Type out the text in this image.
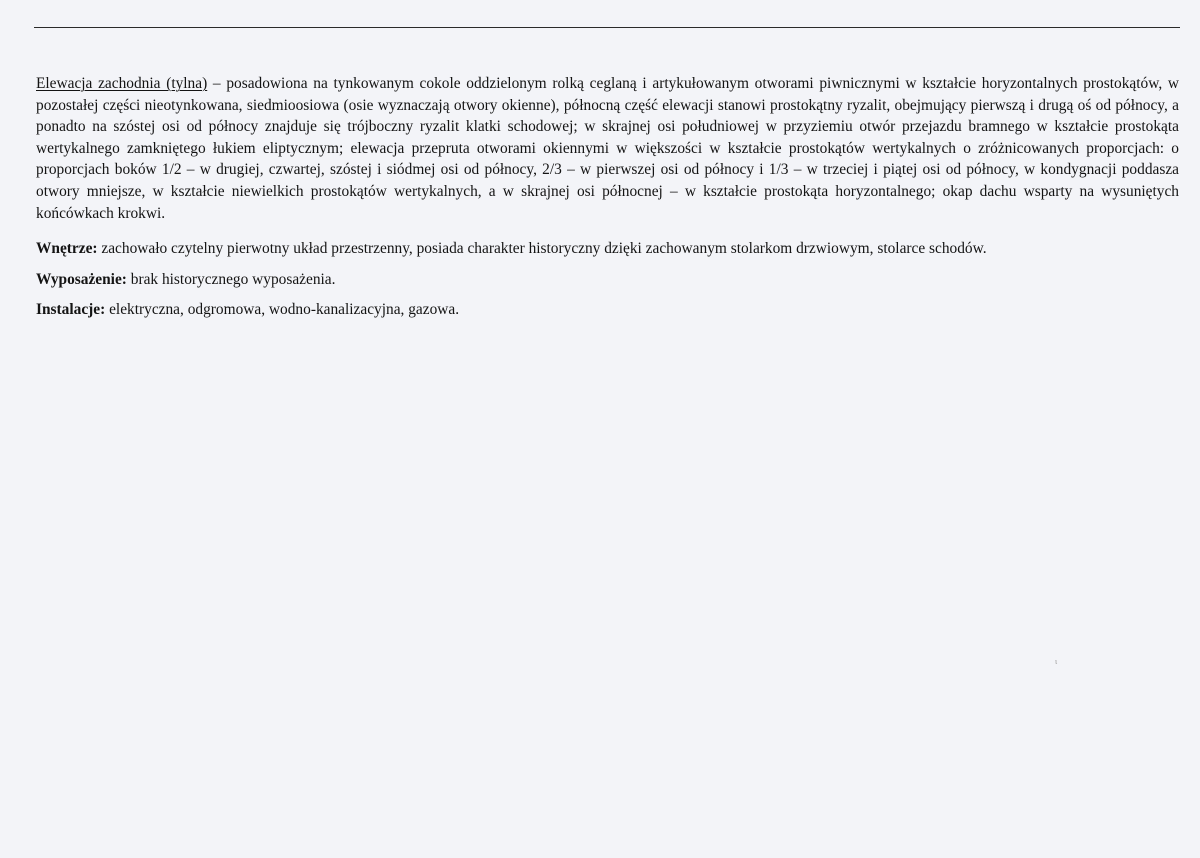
Elewacja zachodnia (tylna) – posadowiona na tynkowanym cokole oddzielonym rolką ceglaną i artykułowanym otworami piwnicznymi w kształcie horyzontalnych prostokątów, w pozostałej części nieotynkowana, siedmioosiowa (osie wyznaczają otwory okienne), północną część elewacji stanowi prostokątny ryzalit, obejmujący pierwszą i drugą oś od północy, a ponadto na szóstej osi od północy znajduje się trójboczny ryzalit klatki schodowej; w skrajnej osi południowej w przyziemiu otwór przejazdu bramnego w kształcie prostokąta wertykalnego zamkniętego łukiem eliptycznym; elewacja przepruta otworami okiennymi w większości w kształcie prostokątów wertykalnych o zróżnicowanych proporcjach: o proporcjach boków 1/2 – w drugiej, czwartej, szóstej i siódmej osi od północy, 2/3 – w pierwszej osi od północy i 1/3 – w trzeciej i piątej osi od północy, w kondygnacji poddasza otwory mniejsze, w kształcie niewielkich prostokątów wertykalnych, a w skrajnej osi północnej – w kształcie prostokąta horyzontalnego; okap dachu wsparty na wysuniętych końcówkach krokwi.

Wnętrze: zachowało czytelny pierwotny układ przestrzenny, posiada charakter historyczny dzięki zachowanym stolarkom drzwiowym, stolarce schodów.

Wyposażenie: brak historycznego wyposażenia.

Instalacje: elektryczna, odgromowa, wodno-kanalizacyjna, gazowa.

ι
